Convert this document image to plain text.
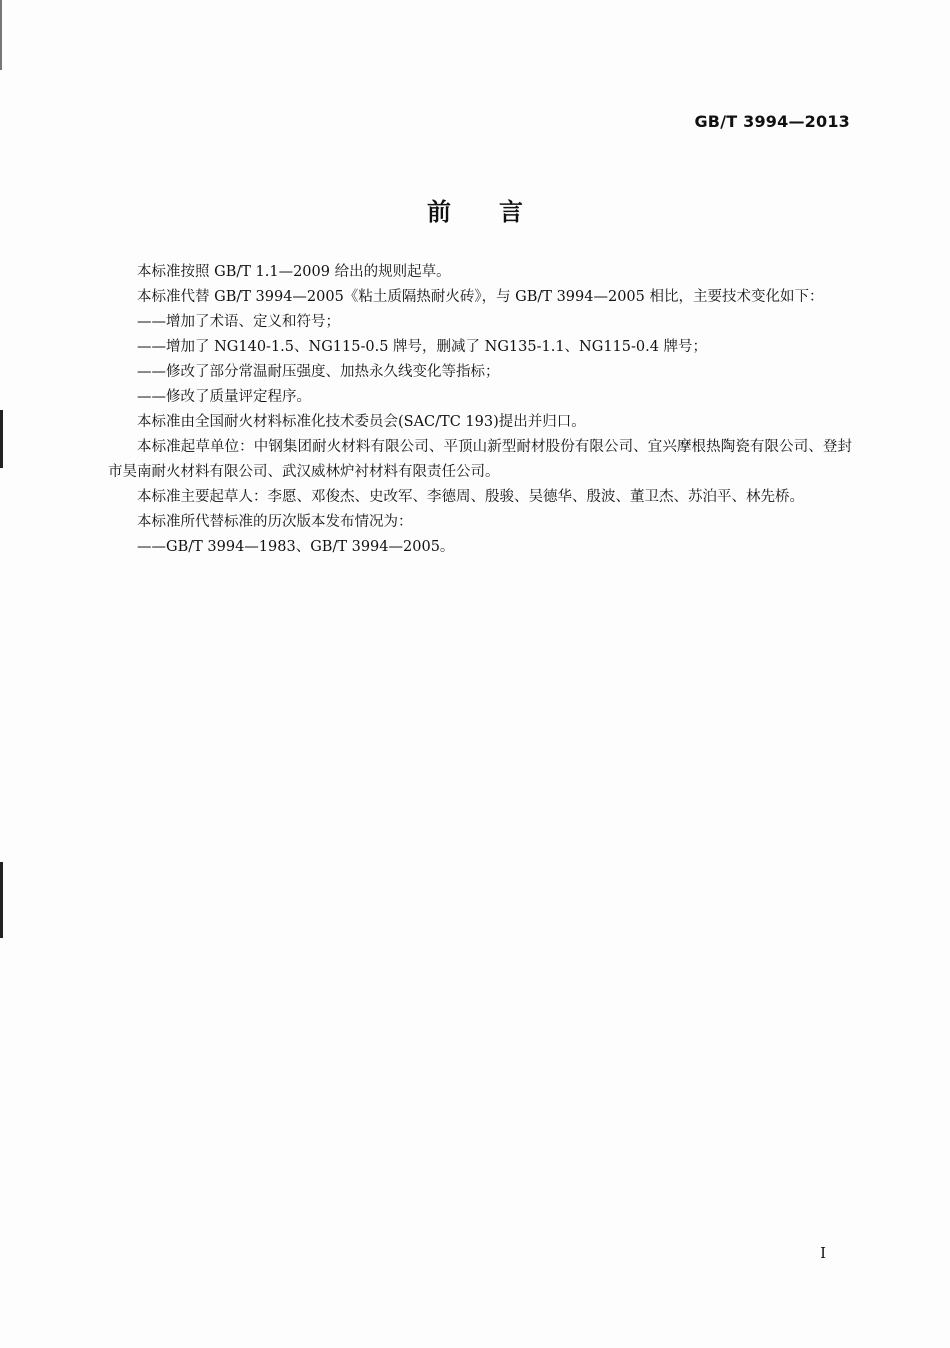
GB/T 3994—2013
前言

本标准按照 GB/T 1.1—2009 给出的规则起草。

本标准代替 GB/T 3994—2005《粘土质隔热耐火砖》，与 GB/T 3994—2005 相比，主要技术变化如下：

——增加了术语、定义和符号；

——增加了 NG140-1.5、NG115-0.5 牌号，删减了 NG135-1.1、NG115-0.4 牌号；

——修改了部分常温耐压强度、加热永久线变化等指标；

——修改了质量评定程序。

本标准由全国耐火材料标准化技术委员会(SAC/TC 193)提出并归口。

本标准起草单位：中钢集团耐火材料有限公司、平顶山新型耐材股份有限公司、宜兴摩根热陶瓷有限公司、登封市昊南耐火材料有限公司、武汉威林炉衬材料有限责任公司。

本标准主要起草人：李愿、邓俊杰、史改军、李德周、殷骏、吴德华、殷波、董卫杰、苏泊平、林先桥。

本标准所代替标准的历次版本发布情况为：

——GB/T 3994—1983、GB/T 3994—2005。

I
